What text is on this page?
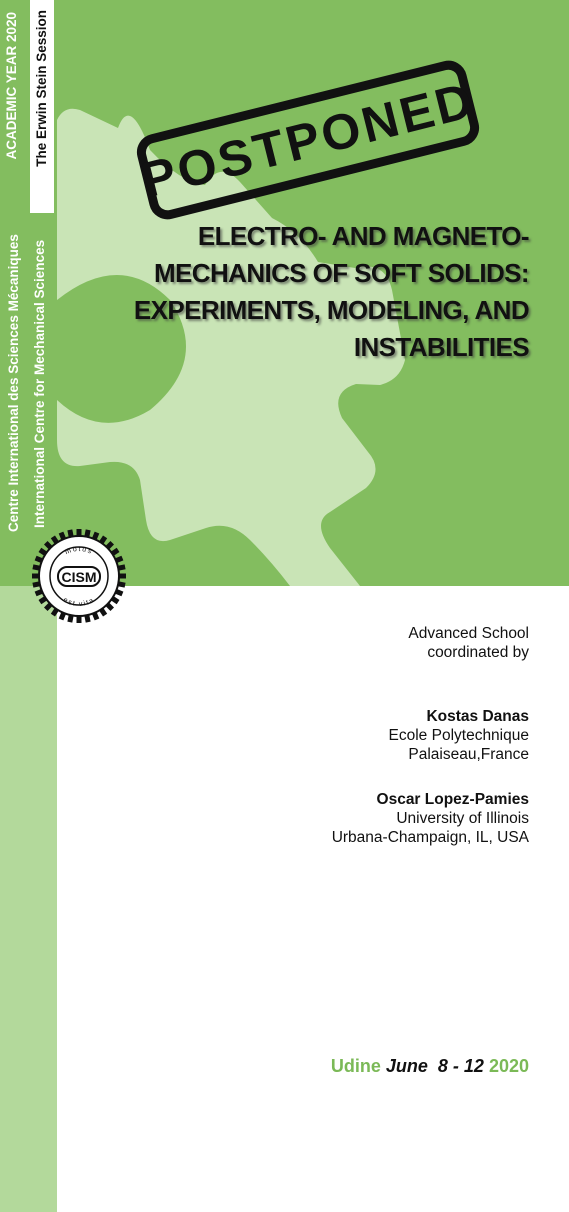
The Erwin Stein Session
ACADEMIC YEAR 2020
Centre International des Sciences Mécaniques International Centre for Mechanical Sciences
POSTPONED
ELECTRO- AND MAGNETO-
MECHANICS OF SOFT SOLIDS:
EXPERIMENTS, MODELING, AND
INSTABILITIES
motus
est vita
CISM
Advanced School
coordinated by
Kostas Danas
Ecole Polytechnique
Palaiseau,France
Oscar Lopez-Pamies
University of Illinois
Urbana-Champaign, IL, USA
Udine June  8 - 12 2020
